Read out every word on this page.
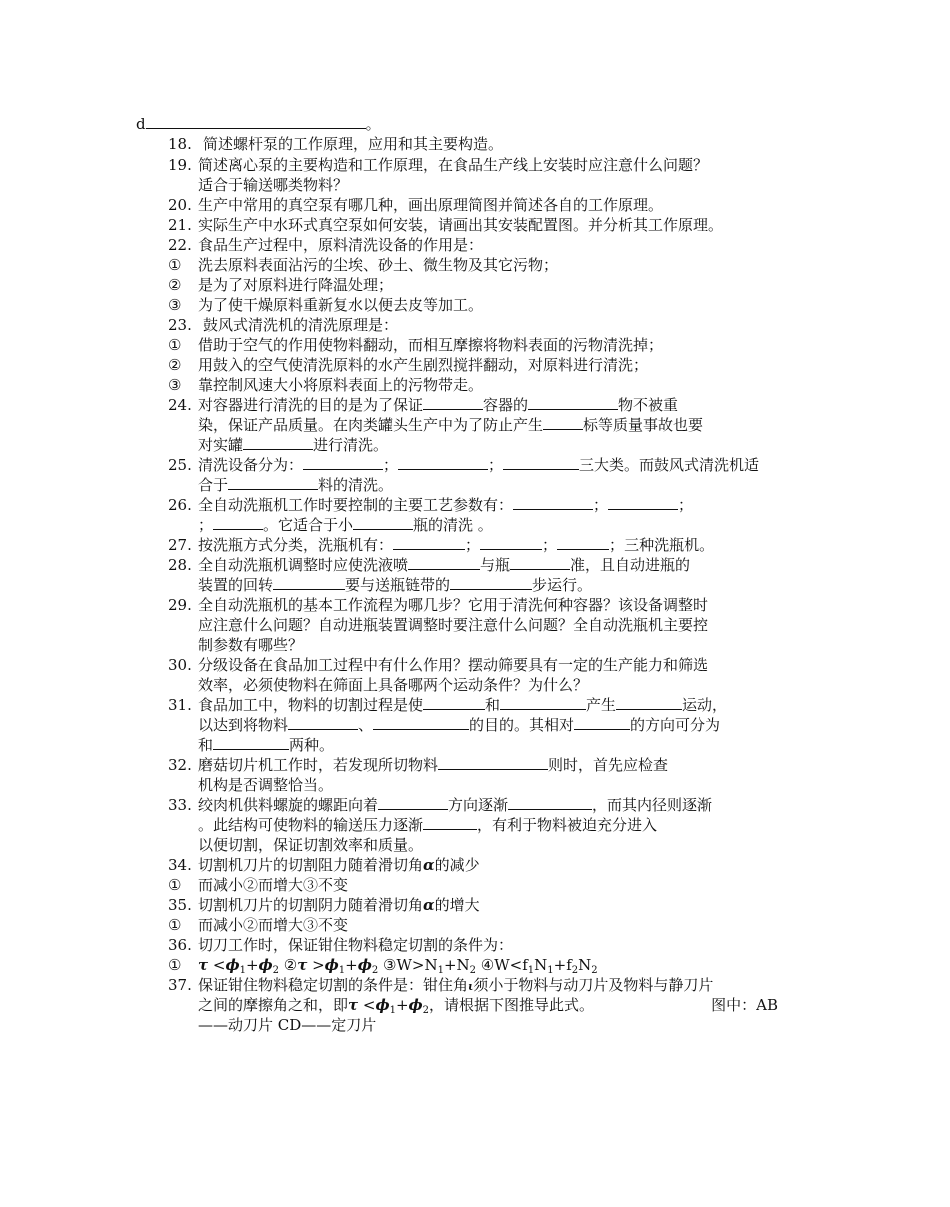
d	。
18. 简述螺杆泵的工作原理，应用和其主要构造。
19. 简述离心泵的主要构造和工作原理，在食品生产线上安装时应注意什么问题？
适合于输送哪类物料？
20. 生产中常用的真空泵有哪几种，画出原理简图并简述各自的工作原理。
21. 实际生产中水环式真空泵如何安装，请画出其安装配置图。并分析其工作原理。
22. 食品生产过程中，原料清洗设备的作用是：
①	洗去原料表面沾污的尘埃、砂土、微生物及其它污物；
②	是为了对原料进行降温处理；
③	为了使干燥原料重新复水以便去皮等加工。
23. 鼓风式清洗机的清洗原理是：
①	借助于空气的作用使物料翻动，而相互摩擦将物料表面的污物清洗掉；
②	用鼓入的空气使清洗原料的水产生剧烈搅拌翻动，对原料进行清洗；
③	靠控制风速大小将原料表面上的污物带走。
24. 对容器进行清洗的目的是为了保证	容器的	物不被重
染，保证产品质量。在肉类罐头生产中为了防止产生	标等质量事故也要
对实罐	进行清洗。
25. 清洗设备分为：	；	；	三大类。而鼓风式清洗机适
合于	料的清洗。
26. 全自动洗瓶机工作时要控制的主要工艺参数有：	；	；
；	。它适合于小	瓶的清洗 。
27. 按洗瓶方式分类，洗瓶机有：	；	；	；三种洗瓶机。
28. 全自动洗瓶机调整时应使洗液喷	与瓶	准，且自动进瓶的
装置的回转	要与送瓶链带的	步运行。
29. 全自动洗瓶机的基本工作流程为哪几步？它用于清洗何种容器？该设备调整时
应注意什么问题？自动进瓶装置调整时要注意什么问题？全自动洗瓶机主要控
制参数有哪些？
30. 分级设备在食品加工过程中有什么作用？摆动筛要具有一定的生产能力和筛选
效率，必须使物料在筛面上具备哪两个运动条件？为什么？
31. 食品加工中，物料的切割过程是使	和	产生	运动，
以达到将物料	、	的目的。其相对	的方向可分为
和	两种。
32. 磨菇切片机工作时，若发现所切物料	则时，首先应检查
机构是否调整恰当。
33. 绞肉机供料螺旋的螺距向着	方向逐渐	，而其内径则逐渐
。此结构可使物料的输送压力逐渐	，有利于物料被迫充分进入
以便切割，保证切割效率和质量。
34. 切割机刀片的切割阻力随着滑切角α的减少
①	而减小②而增大③不变
35. 切割机刀片的切割阴力随着滑切角α的增大
①	而减小②而增大③不变
36. 切刀工作时，保证钳住物料稳定切割的条件为：
①	$\tau <\phi_1+\phi_2$ ②τ $>\phi_1+\phi_2$ $③W>N_1+N_2$ $④W<f_1N_1+f_2N_2$
37. 保证钳住物料稳定切割的条件是：钳住角ι须小于物料与动刀片及物料与静刀片
之间的摩擦角之和，即$\tau <\phi_1+\phi_2$，请根据下图推导此式。	图中：AB
——动刀片 CD——定刀片
